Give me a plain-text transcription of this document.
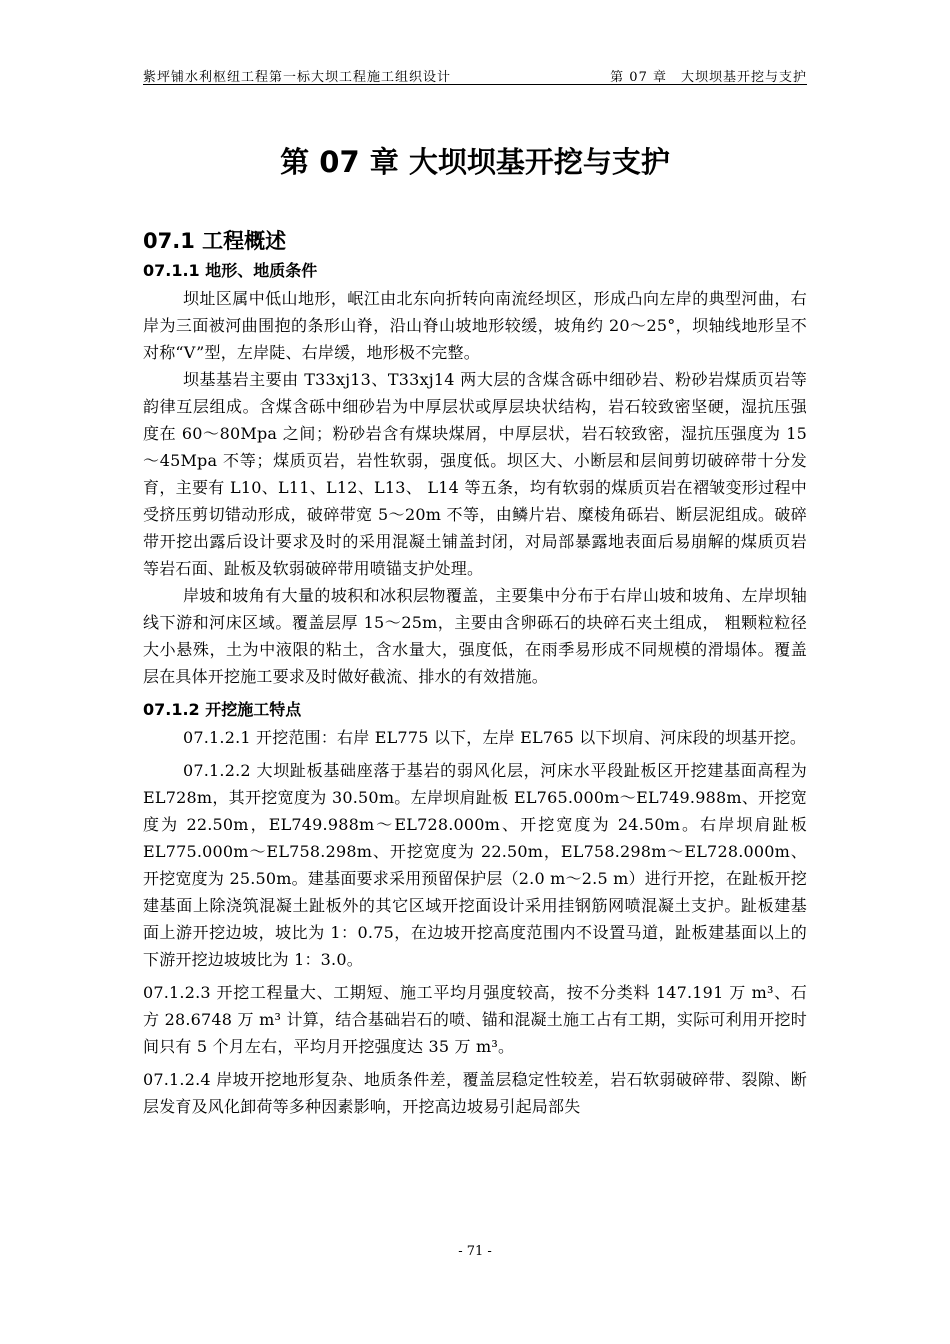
紫坪铺水利枢纽工程第一标大坝工程施工组织设计	第 07 章 大坝坝基开挖与支护
第 07 章 大坝坝基开挖与支护
07.1 工程概述
07.1.1 地形、地质条件

坝址区属中低山地形，岷江由北东向折转向南流经坝区，形成凸向左岸的典型河曲，右岸为三面被河曲围抱的条形山脊，沿山脊山坡地形较缓，坡角约 20～25°，坝轴线地形呈不对称“V”型，左岸陡、右岸缓，地形极不完整。

坝基基岩主要由 T33xj13、T33xj14 两大层的含煤含砾中细砂岩、粉砂岩煤质页岩等韵律互层组成。含煤含砾中细砂岩为中厚层状或厚层块状结构，岩石较致密坚硬，湿抗压强度在 60～80Mpa 之间；粉砂岩含有煤块煤屑，中厚层状，岩石较致密，湿抗压强度为 15～45Mpa 不等；煤质页岩，岩性软弱，强度低。坝区大、小断层和层间剪切破碎带十分发育，主要有 L10、L11、L12、L13、 L14 等五条，均有软弱的煤质页岩在褶皱变形过程中受挤压剪切错动形成，破碎带宽 5～20m 不等，由鳞片岩、糜棱角砾岩、断层泥组成。破碎带开挖出露后设计要求及时的采用混凝土铺盖封闭，对局部暴露地表面后易崩解的煤质页岩等岩石面、趾板及软弱破碎带用喷锚支护处理。

岸坡和坡角有大量的坡积和冰积层物覆盖，主要集中分布于右岸山坡和坡角、左岸坝轴线下游和河床区域。覆盖层厚 15～25m，主要由含卵砾石的块碎石夹土组成， 粗颗粒粒径大小悬殊，土为中液限的粘土，含水量大，强度低，在雨季易形成不同规模的滑塌体。覆盖层在具体开挖施工要求及时做好截流、排水的有效措施。

07.1.2 开挖施工特点

07.1.2.1 开挖范围：右岸 EL775 以下，左岸 EL765 以下坝肩、河床段的坝基开挖。

07.1.2.2 大坝趾板基础座落于基岩的弱风化层，河床水平段趾板区开挖建基面高程为 EL728m，其开挖宽度为 30.50m。左岸坝肩趾板 EL765.000m～EL749.988m、开挖宽度为 22.50m，EL749.988m～EL728.000m、开挖宽度为 24.50m。右岸坝肩趾板 EL775.000m～EL758.298m、开挖宽度为 22.50m，EL758.298m～EL728.000m、开挖宽度为 25.50m。建基面要求采用预留保护层（2.0 m～2.5 m）进行开挖，在趾板开挖建基面上除浇筑混凝土趾板外的其它区域开挖面设计采用挂钢筋网喷混凝土支护。趾板建基面上游开挖边坡，坡比为 1：0.75，在边坡开挖高度范围内不设置马道，趾板建基面以上的下游开挖边坡坡比为 1：3.0。

07.1.2.3 开挖工程量大、工期短、施工平均月强度较高，按不分类料 147.191 万 m³、石方 28.6748 万 m³ 计算，结合基础岩石的喷、锚和混凝土施工占有工期，实际可利用开挖时间只有 5 个月左右，平均月开挖强度达 35 万 m³。

07.1.2.4 岸坡开挖地形复杂、地质条件差，覆盖层稳定性较差，岩石软弱破碎带、裂隙、断层发育及风化卸荷等多种因素影响，开挖高边坡易引起局部失

- 71 -
